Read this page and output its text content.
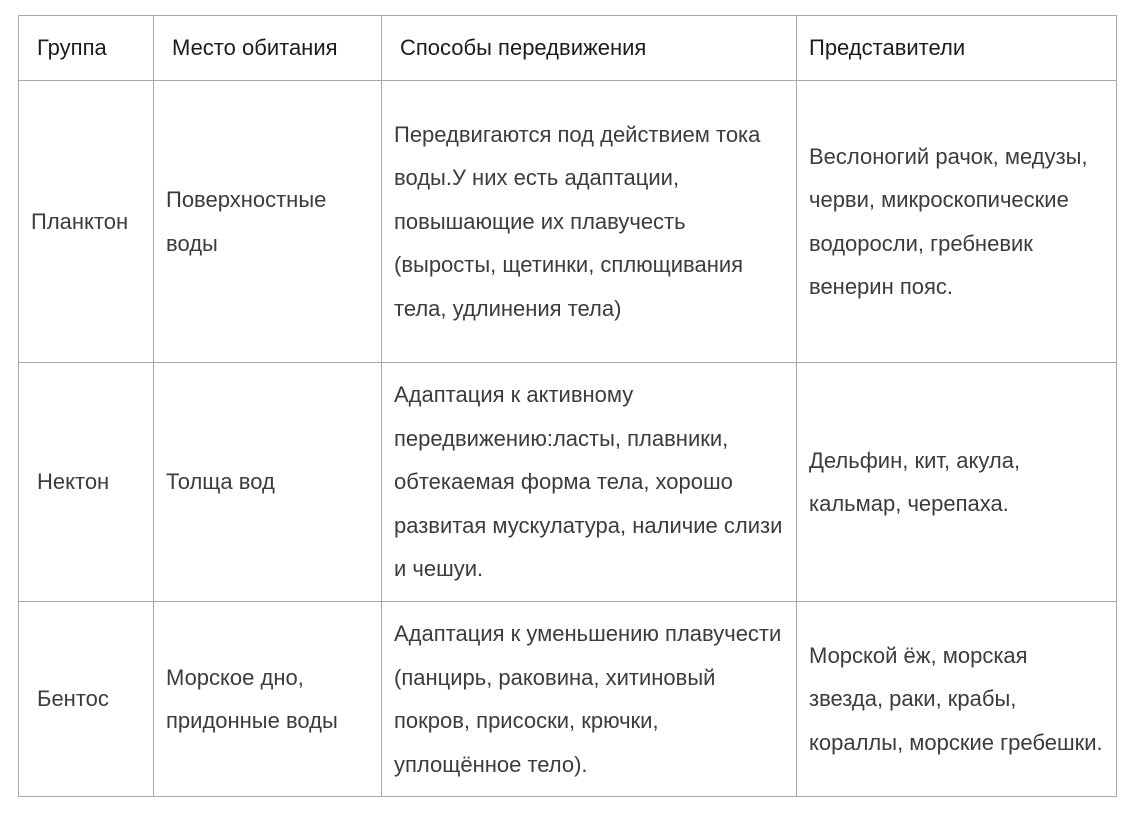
Группа	Место обитания	Способы передвижения	Представители
Планктон	Поверхностные воды	Передвигаются под действием тока воды.У них есть адаптации, повышающие их плавучесть (выросты, щетинки, сплющивания тела, удлинения тела)	Веслоногий рачок, медузы, черви, микроскопические водоросли, гребневик венерин пояс.
Нектон	Толща вод	Адаптация к активному передвижению:ласты, плавники, обтекаемая форма тела, хорошо развитая мускулатура, наличие слизи и чешуи.	Дельфин, кит, акула, кальмар, черепаха.
Бентос	Морское дно, придонные воды	Адаптация к уменьшению плавучести (панцирь, раковина, хитиновый покров, присоски, крючки, уплощённое тело).	Морской ёж, морская звезда, раки, крабы, кораллы, морские гребешки.
